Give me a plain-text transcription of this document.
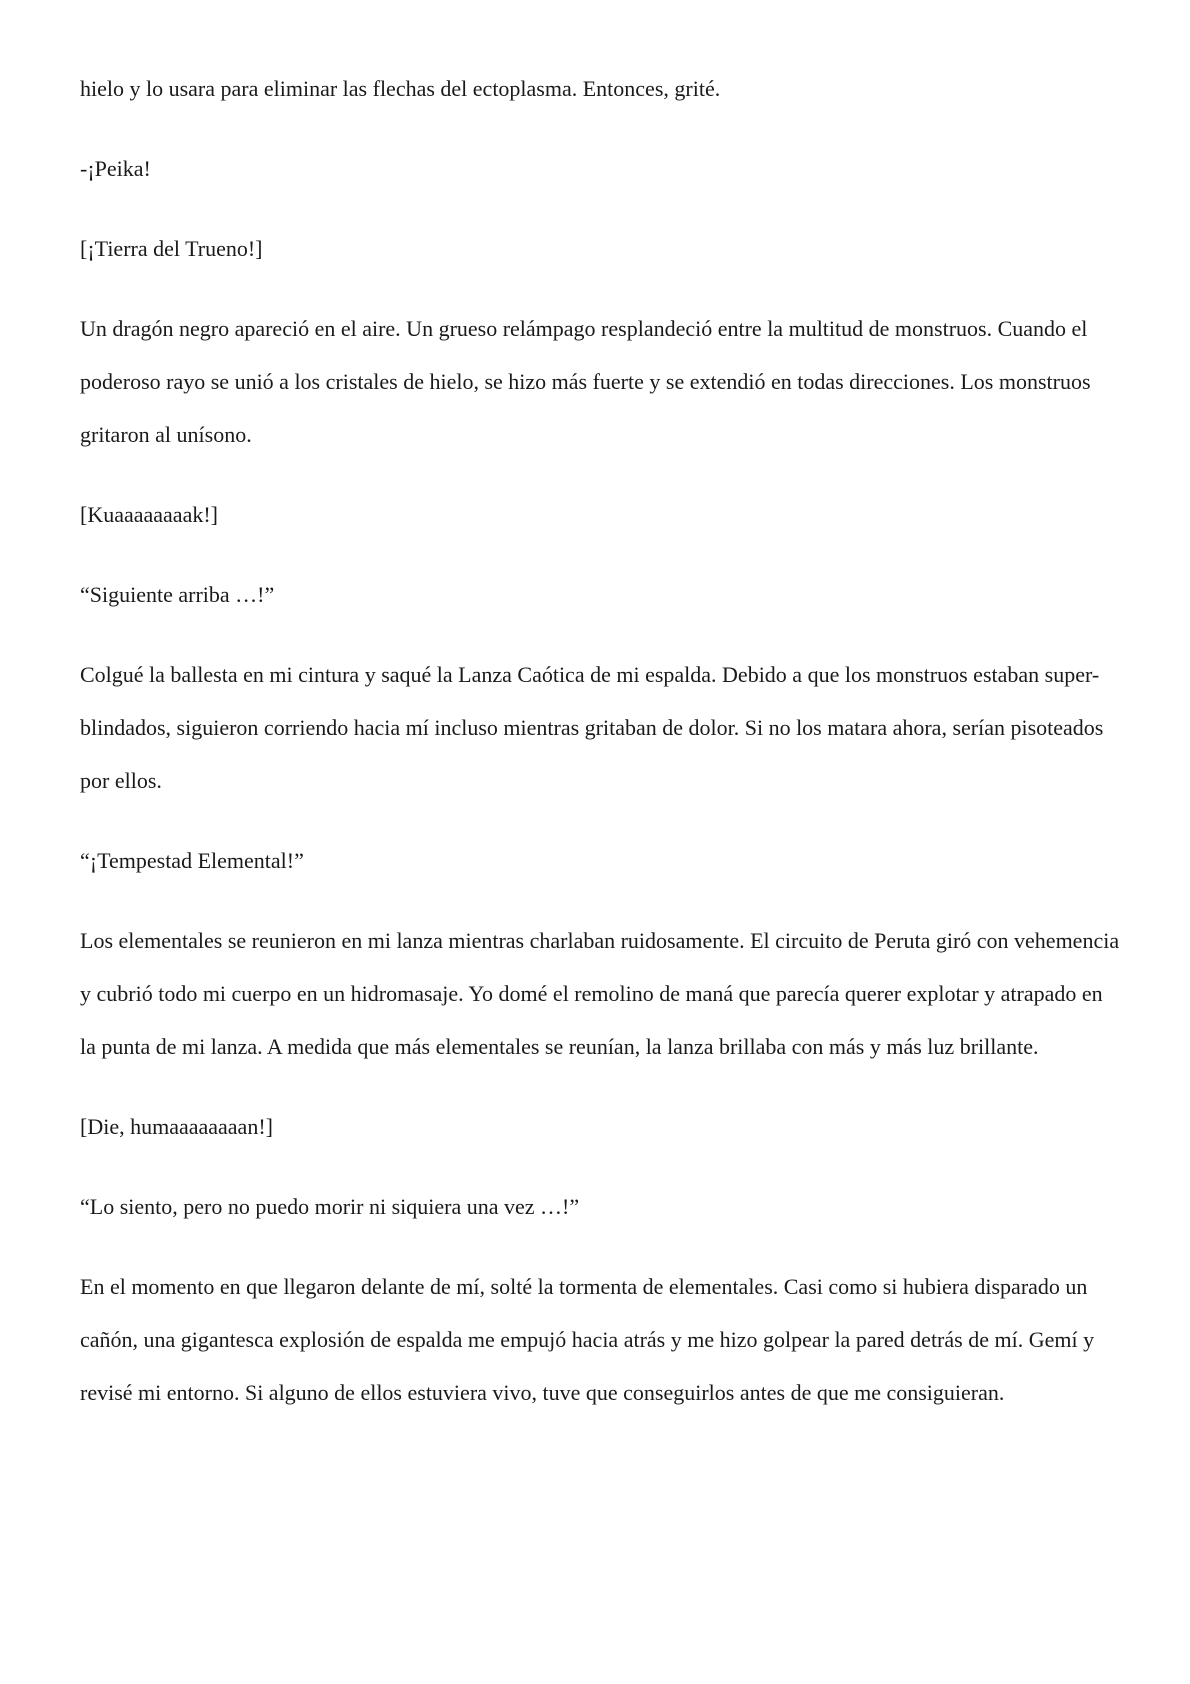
hielo y lo usara para eliminar las flechas del ectoplasma. Entonces, grité.

-¡Peika!

[¡Tierra del Trueno!]

Un dragón negro apareció en el aire. Un grueso relámpago resplandeció entre la multitud de monstruos. Cuando el poderoso rayo se unió a los cristales de hielo, se hizo más fuerte y se extendió en todas direcciones. Los monstruos gritaron al unísono.

[Kuaaaaaaaak!]

“Siguiente arriba …!”

Colgué la ballesta en mi cintura y saqué la Lanza Caótica de mi espalda. Debido a que los monstruos estaban super-blindados, siguieron corriendo hacia mí incluso mientras gritaban de dolor. Si no los matara ahora, serían pisoteados por ellos.

“¡Tempestad Elemental!”

Los elementales se reunieron en mi lanza mientras charlaban ruidosamente. El circuito de Peruta giró con vehemencia y cubrió todo mi cuerpo en un hidromasaje. Yo domé el remolino de maná que parecía querer explotar y atrapado en la punta de mi lanza. A medida que más elementales se reunían, la lanza brillaba con más y más luz brillante.

[Die, humaaaaaaaan!]

“Lo siento, pero no puedo morir ni siquiera una vez …!”

En el momento en que llegaron delante de mí, solté la tormenta de elementales. Casi como si hubiera disparado un cañón, una gigantesca explosión de espalda me empujó hacia atrás y me hizo golpear la pared detrás de mí. Gemí y revisé mi entorno. Si alguno de ellos estuviera vivo, tuve que conseguirlos antes de que me consiguieran.
